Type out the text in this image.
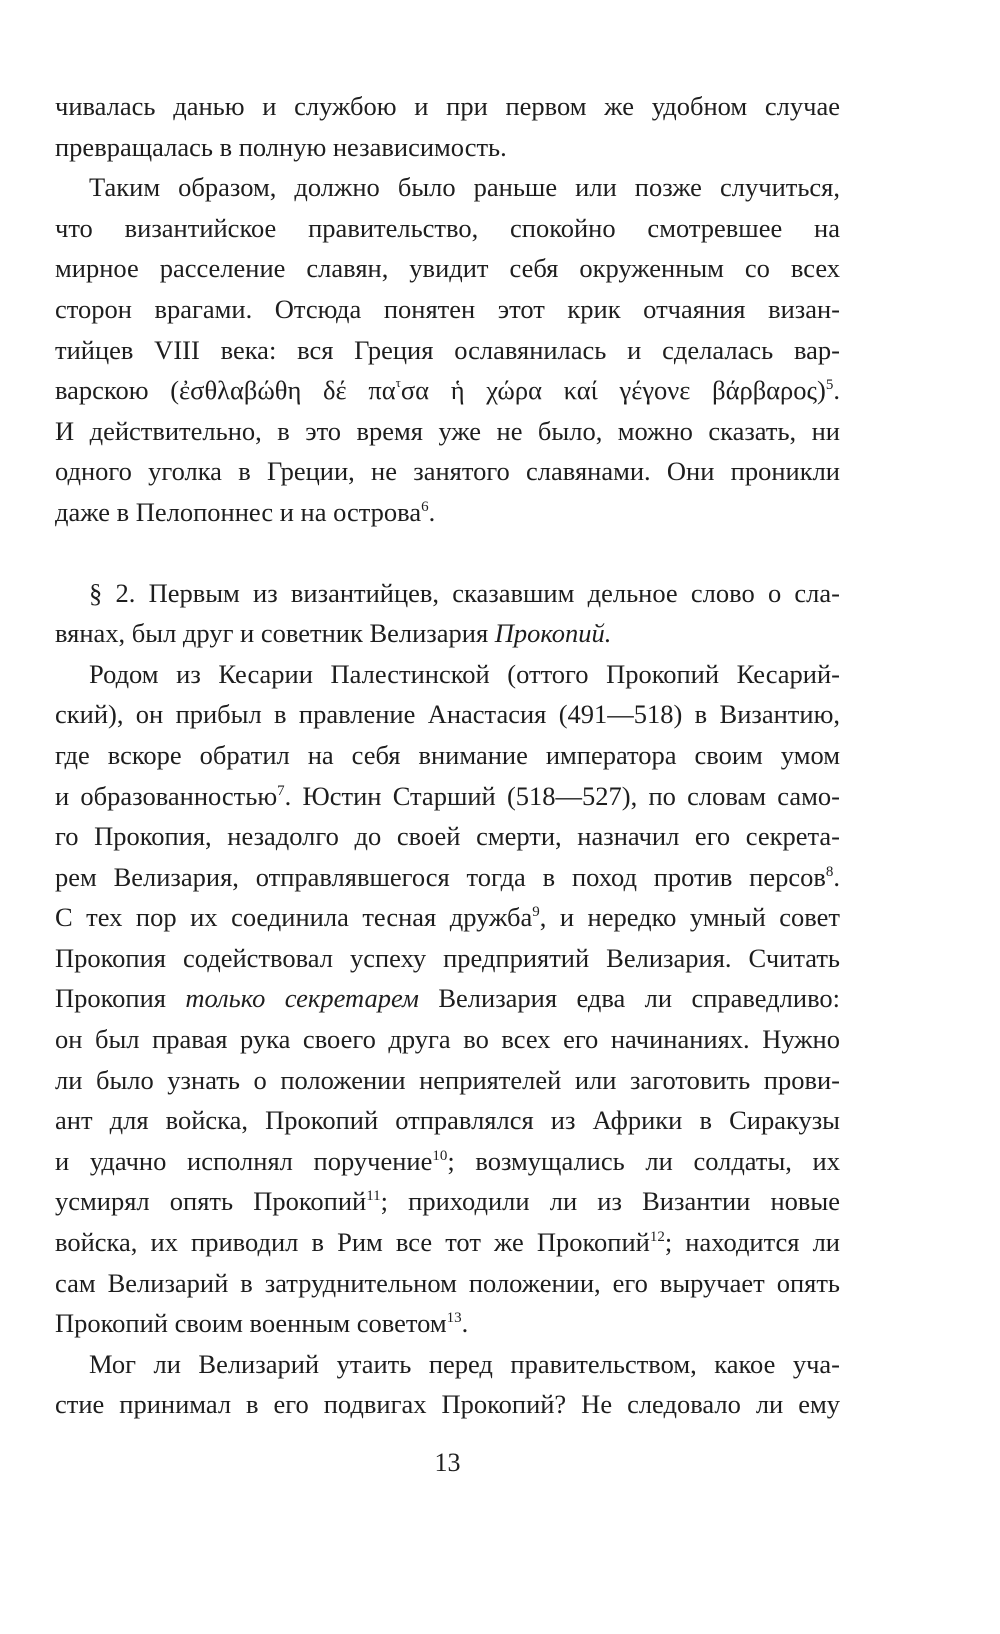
чивалась данью и службою и при первом же удобном случае
превращалась в полную независимость.
Таким образом, должно было раньше или позже случиться,
что византийское правительство, спокойно смотревшее на
мирное расселение славян, увидит себя окруженным со всех
сторон врагами. Отсюда понятен этот крик отчаяния визан-
тийцев VIII века: вся Греция ославянилась и сделалась вар-
варскою (ἐσθλαβώθη δέ $\pi\alpha^\tau\sigma\alpha$ ἡ χώρα καί γέγονε βάρβαρος)$^5$.
И действительно, в это время уже не было, можно сказать, ни
одного уголка в Греции, не занятого славянами. Они проникли
даже в Пелопоннес и на острова$^6$.
§ 2. Первым из византийцев, сказавшим дельное слово о сла-
вянах, был друг и советник Велизария Прокопий.
Родом из Кесарии Палестинской (оттого Прокопий Кесарий-
ский), он прибыл в правление Анастасия (491—518) в Византию,
где вскоре обратил на себя внимание императора своим умом
и образованностью$^7$. Юстин Старший (518—527), по словам само-
го Прокопия, незадолго до своей смерти, назначил его секрета-
рем Велизария, отправлявшегося тогда в поход против персов$^8$.
С тех пор их соединила тесная дружба$^9$, и нередко умный совет
Прокопия содействовал успеху предприятий Велизария. Считать
Прокопия только секретарем Велизария едва ли справедливо:
он был правая рука своего друга во всех его начинаниях. Нужно
ли было узнать о положении неприятелей или заготовить прови-
ант для войска, Прокопий отправлялся из Африки в Сиракузы
и удачно исполнял поручение$^{10}$; возмущались ли солдаты, их
усмирял опять Прокопий$^{11}$; приходили ли из Византии новые
войска, их приводил в Рим все тот же Прокопий$^{12}$; находится ли
сам Велизарий в затруднительном положении, его выручает опять
Прокопий своим военным советом$^{13}$.
Мог ли Велизарий утаить перед правительством, какое уча-
стие принимал в его подвигах Прокопий? Не следовало ли ему
13
